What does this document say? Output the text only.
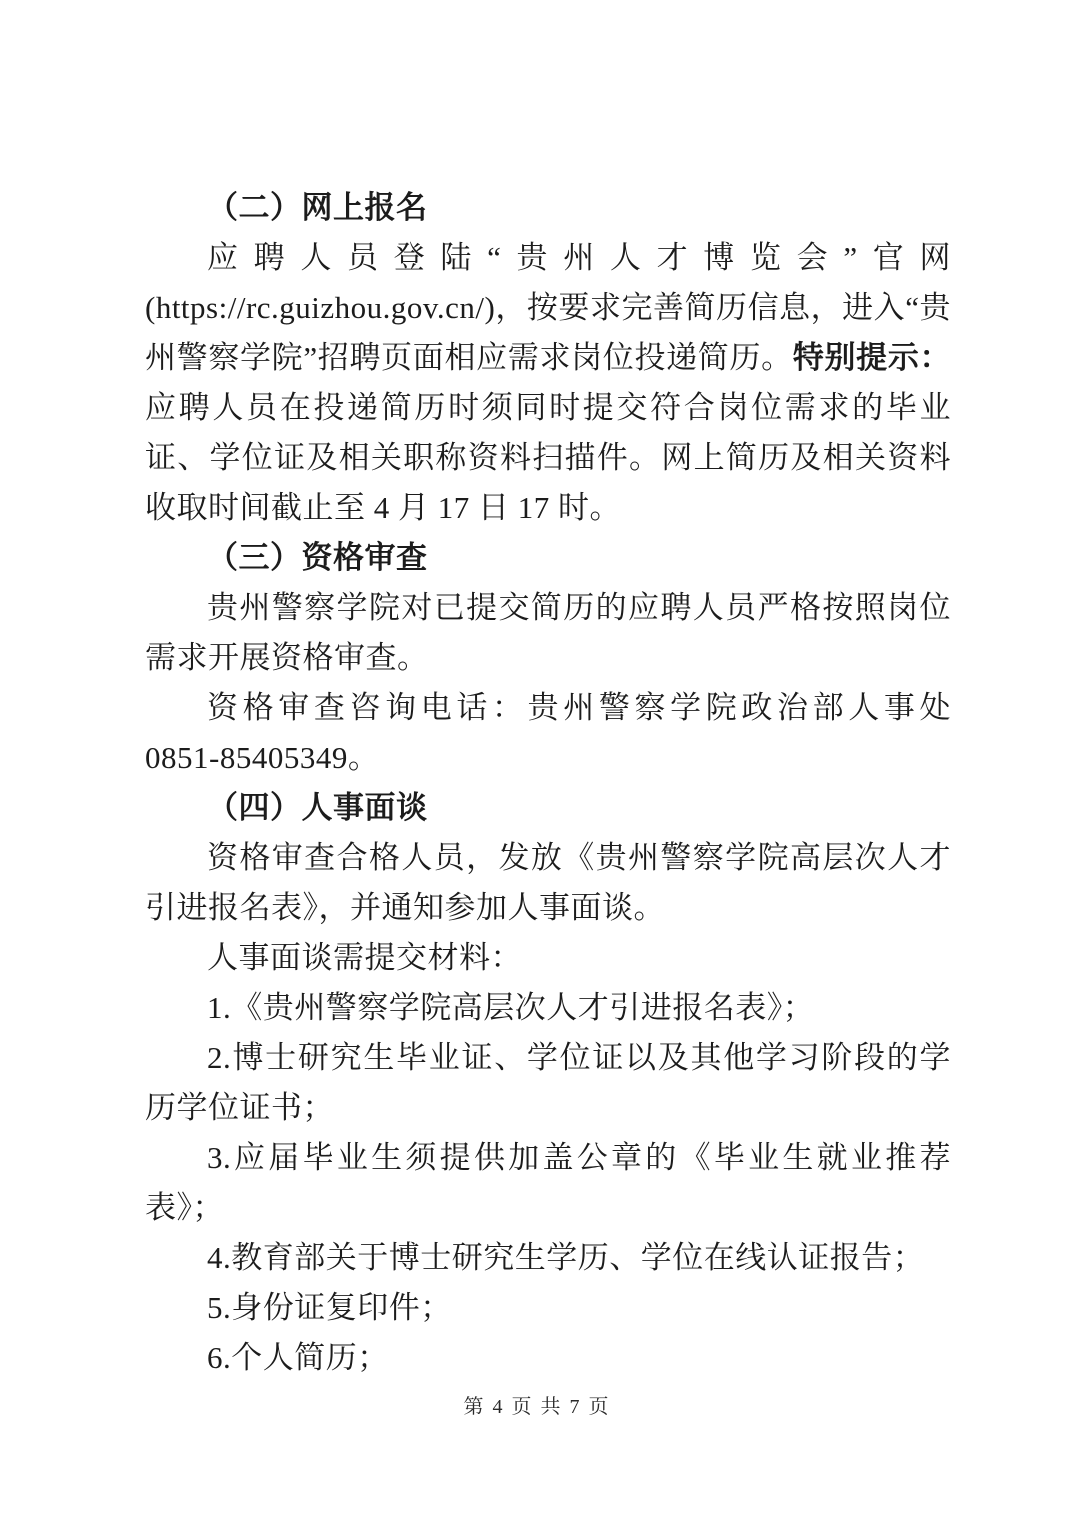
（二）网上报名

应聘人员登陆“贵州人才博览会”官网(https://rc.guizhou.gov.cn/)，按要求完善简历信息，进入“贵州警察学院”招聘页面相应需求岗位投递简历。特别提示：应聘人员在投递简历时须同时提交符合岗位需求的毕业证、学位证及相关职称资料扫描件。网上简历及相关资料收取时间截止至 4 月 17 日 17 时。

（三）资格审查

贵州警察学院对已提交简历的应聘人员严格按照岗位需求开展资格审查。

资格审查咨询电话：贵州警察学院政治部人事处 0851-85405349。

（四）人事面谈

资格审查合格人员，发放《贵州警察学院高层次人才引进报名表》，并通知参加人事面谈。

人事面谈需提交材料：

1.《贵州警察学院高层次人才引进报名表》；

2.博士研究生毕业证、学位证以及其他学习阶段的学历学位证书；

3.应届毕业生须提供加盖公章的《毕业生就业推荐表》；

4.教育部关于博士研究生学历、学位在线认证报告；

5.身份证复印件；

6.个人简历；

第 4 页 共 7 页
